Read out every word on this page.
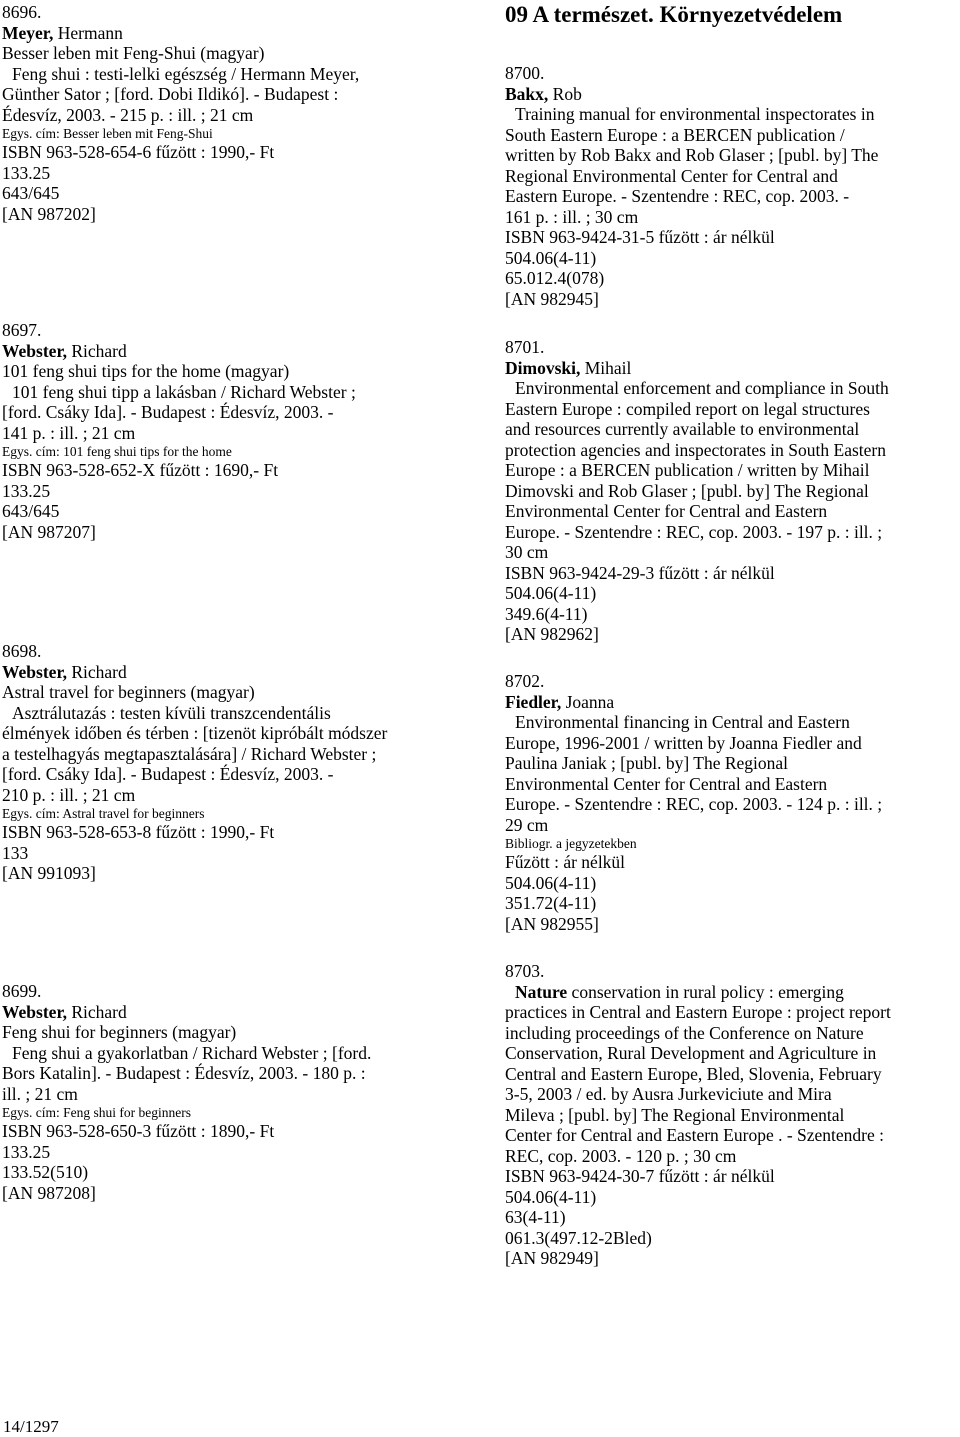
09 A természet. Környezetvédelem
8696.
Meyer, Hermann
Besser leben mit Feng-Shui (magyar)
Feng shui : testi-lelki egészség / Hermann Meyer,
Günther Sator ; [ford. Dobi Ildikó]. - Budapest :
Édesvíz, 2003. - 215 p. : ill. ; 21 cm
Egys. cím: Besser leben mit Feng-Shui
ISBN 963-528-654-6 fűzött : 1990,- Ft
133.25
643/645
[AN 987202]
8697.
Webster, Richard
101 feng shui tips for the home (magyar)
101 feng shui tipp a lakásban / Richard Webster ;
[ford. Csáky Ida]. - Budapest : Édesvíz, 2003. -
141 p. : ill. ; 21 cm
Egys. cím: 101 feng shui tips for the home
ISBN 963-528-652-X fűzött : 1690,- Ft
133.25
643/645
[AN 987207]
8698.
Webster, Richard
Astral travel for beginners (magyar)
Asztrálutazás : testen kívüli transzcendentális
élmények időben és térben : [tizenöt kipróbált módszer
a testelhagyás megtapasztalására] / Richard Webster ;
[ford. Csáky Ida]. - Budapest : Édesvíz, 2003. -
210 p. : ill. ; 21 cm
Egys. cím: Astral travel for beginners
ISBN 963-528-653-8 fűzött : 1990,- Ft
133
[AN 991093]
8699.
Webster, Richard
Feng shui for beginners (magyar)
Feng shui a gyakorlatban / Richard Webster ; [ford.
Bors Katalin]. - Budapest : Édesvíz, 2003. - 180 p. :
ill. ; 21 cm
Egys. cím: Feng shui for beginners
ISBN 963-528-650-3 fűzött : 1890,- Ft
133.25
133.52(510)
[AN 987208]
8700.
Bakx, Rob
Training manual for environmental inspectorates in
South Eastern Europe : a BERCEN publication /
written by Rob Bakx and Rob Glaser ; [publ. by] The
Regional Environmental Center for Central and
Eastern Europe. - Szentendre : REC, cop. 2003. -
161 p. : ill. ; 30 cm
ISBN 963-9424-31-5 fűzött : ár nélkül
504.06(4-11)
65.012.4(078)
[AN 982945]
8701.
Dimovski, Mihail
Environmental enforcement and compliance in South
Eastern Europe : compiled report on legal structures
and resources currently available to environmental
protection agencies and inspectorates in South Eastern
Europe : a BERCEN publication / written by Mihail
Dimovski and Rob Glaser ; [publ. by] The Regional
Environmental Center for Central and Eastern
Europe. - Szentendre : REC, cop. 2003. - 197 p. : ill. ;
30 cm
ISBN 963-9424-29-3 fűzött : ár nélkül
504.06(4-11)
349.6(4-11)
[AN 982962]
8702.
Fiedler, Joanna
Environmental financing in Central and Eastern
Europe, 1996-2001 / written by Joanna Fiedler and
Paulina Janiak ; [publ. by] The Regional
Environmental Center for Central and Eastern
Europe. - Szentendre : REC, cop. 2003. - 124 p. : ill. ;
29 cm
Bibliogr. a jegyzetekben
Fűzött : ár nélkül
504.06(4-11)
351.72(4-11)
[AN 982955]
8703.
Nature conservation in rural policy : emerging
practices in Central and Eastern Europe : project report
including proceedings of the Conference on Nature
Conservation, Rural Development and Agriculture in
Central and Eastern Europe, Bled, Slovenia, February
3-5, 2003 / ed. by Ausra Jurkeviciute and Mira
Mileva ; [publ. by] The Regional Environmental
Center for Central and Eastern Europe . - Szentendre :
REC, cop. 2003. - 120 p. ; 30 cm
ISBN 963-9424-30-7 fűzött : ár nélkül
504.06(4-11)
63(4-11)
061.3(497.12-2Bled)
[AN 982949]
14/1297
